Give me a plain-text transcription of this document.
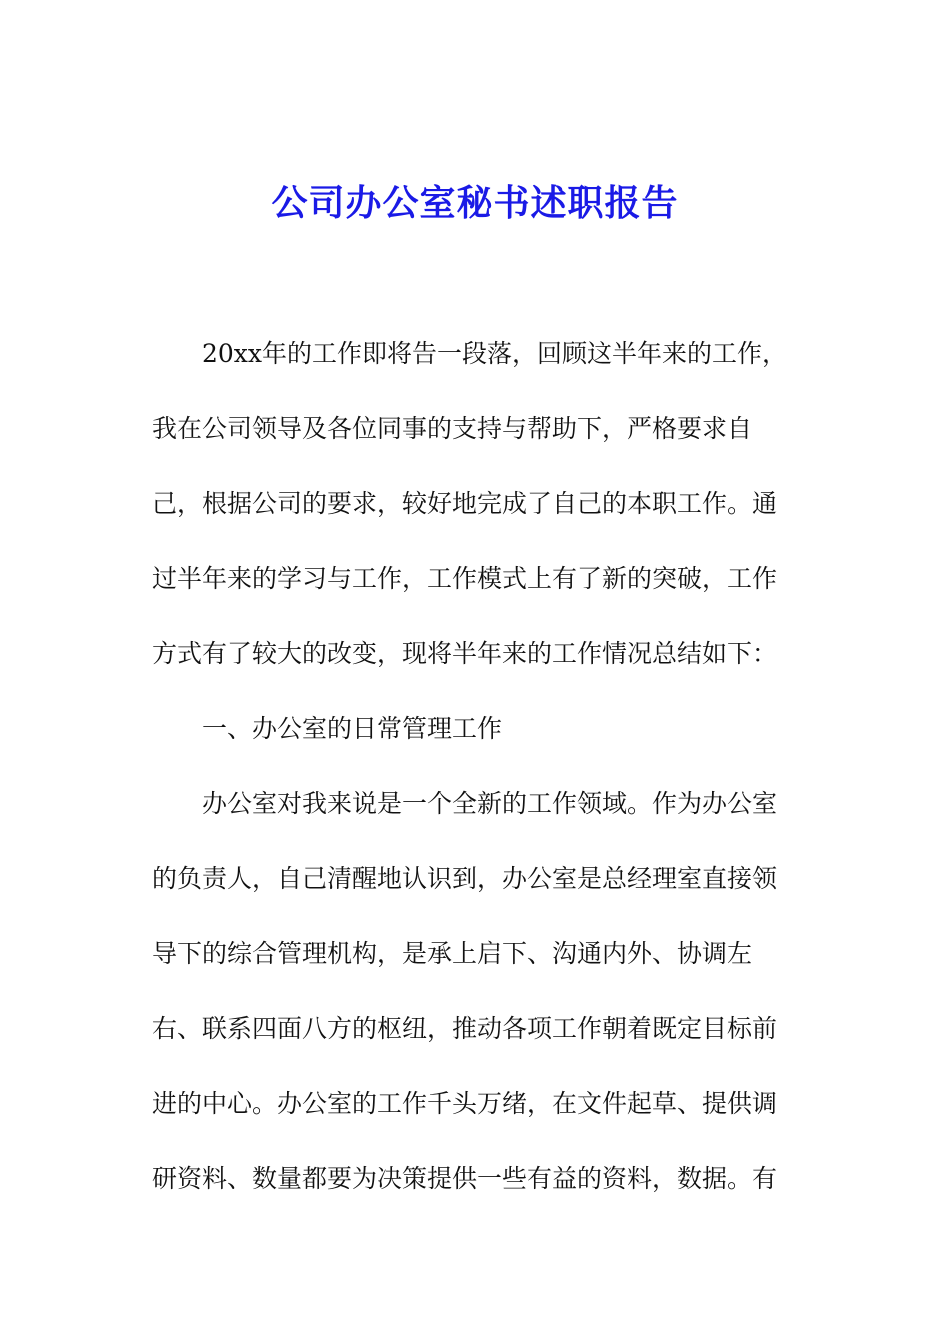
公司办公室秘书述职报告
20xx年的工作即将告一段落，回顾这半年来的工作，
我在公司领导及各位同事的支持与帮助下，严格要求自
己，根据公司的要求，较好地完成了自己的本职工作。通
过半年来的学习与工作，工作模式上有了新的突破，工作
方式有了较大的改变，现将半年来的工作情况总结如下：
一、办公室的日常管理工作
办公室对我来说是一个全新的工作领域。作为办公室
的负责人，自己清醒地认识到，办公室是总经理室直接领
导下的综合管理机构，是承上启下、沟通内外、协调左
右、联系四面八方的枢纽，推动各项工作朝着既定目标前
进的中心。办公室的工作千头万绪，在文件起草、提供调
研资料、数量都要为决策提供一些有益的资料，数据。有
